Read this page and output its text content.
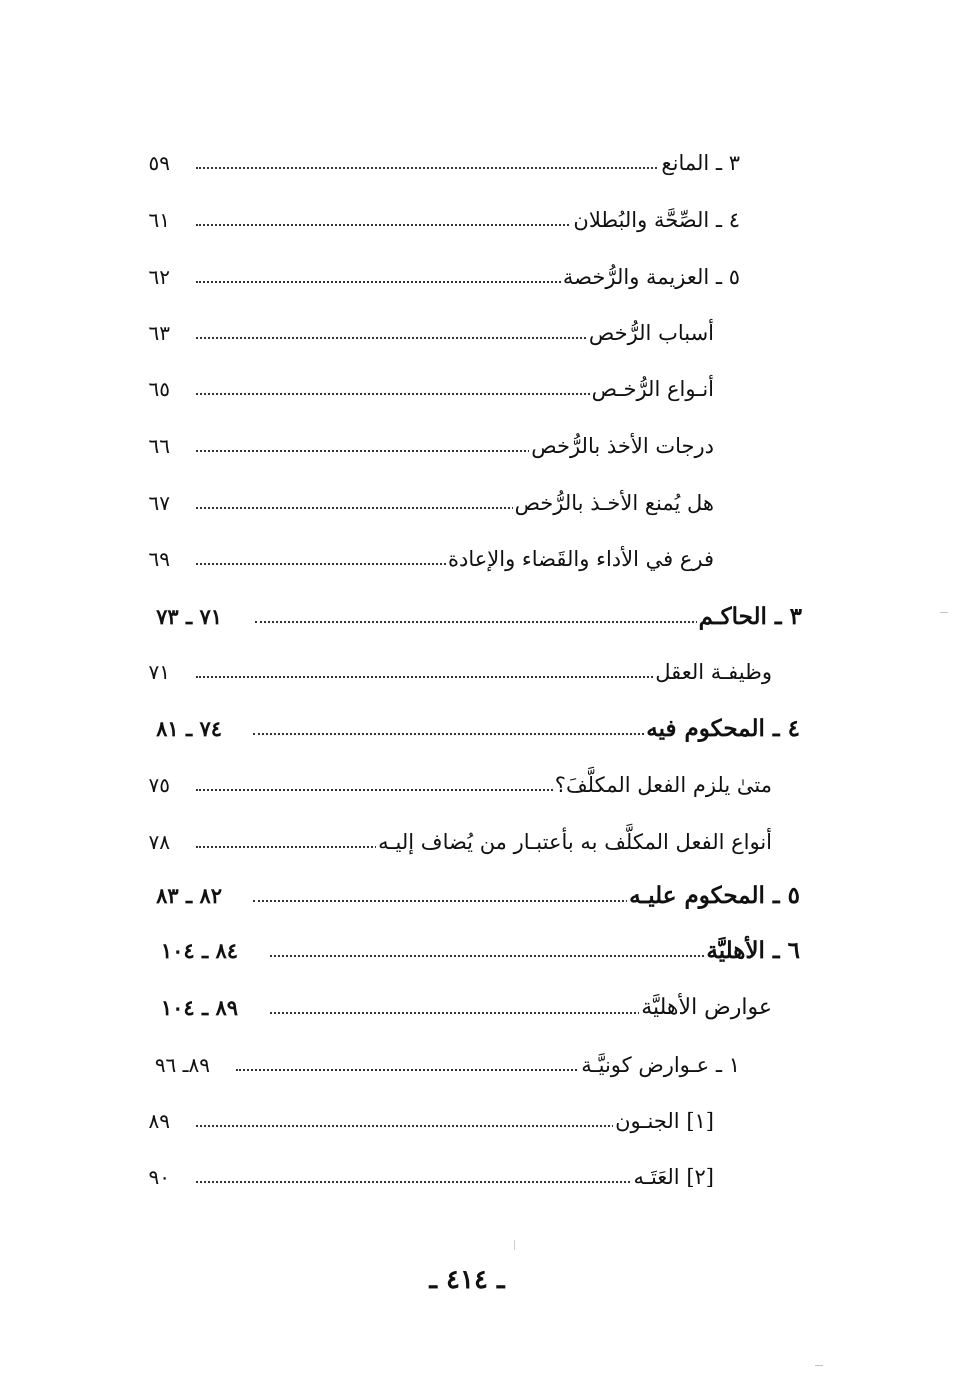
٣ ـ المانع
٥٩
٤ ـ الصِّحَّة والبُطلان
٦١
٥ ـ العزيمة والرُّخصة
٦٢
أسباب الرُّخص
٦٣
أنـواع الرُّخـص
٦٥
درجات الأخذ بالرُّخص
٦٦
هل يُمنع الأخـذ بالرُّخص
٦٧
فرع في الأداء والقَضاء والإعادة
٦٩
٣ ـ الحاكـم
٧١ ـ ٧٣
وظيفـة العقل
٧١
٤ ـ المحكوم فيه
٧٤ ـ ٨١
متىٰ يلزم الفعل المكلَّفَ؟
٧٥
أنواع الفعل المكلَّف به بأعتبـار من يُضاف إليـه
٧٨
٥ ـ المحكوم عليـه
٨٢ ـ ٨٣
٦ ـ الأهليَّة
٨٤ ـ ١٠٤
عوارض الأهليَّة
٨٩ ـ ١٠٤
١ ـ عـوارض كونيَّـة
٨٩ـ ٩٦
[١] الجنـون
٨٩
[٢] العَتَـه
٩٠
ـ ٤١٤ ـ
